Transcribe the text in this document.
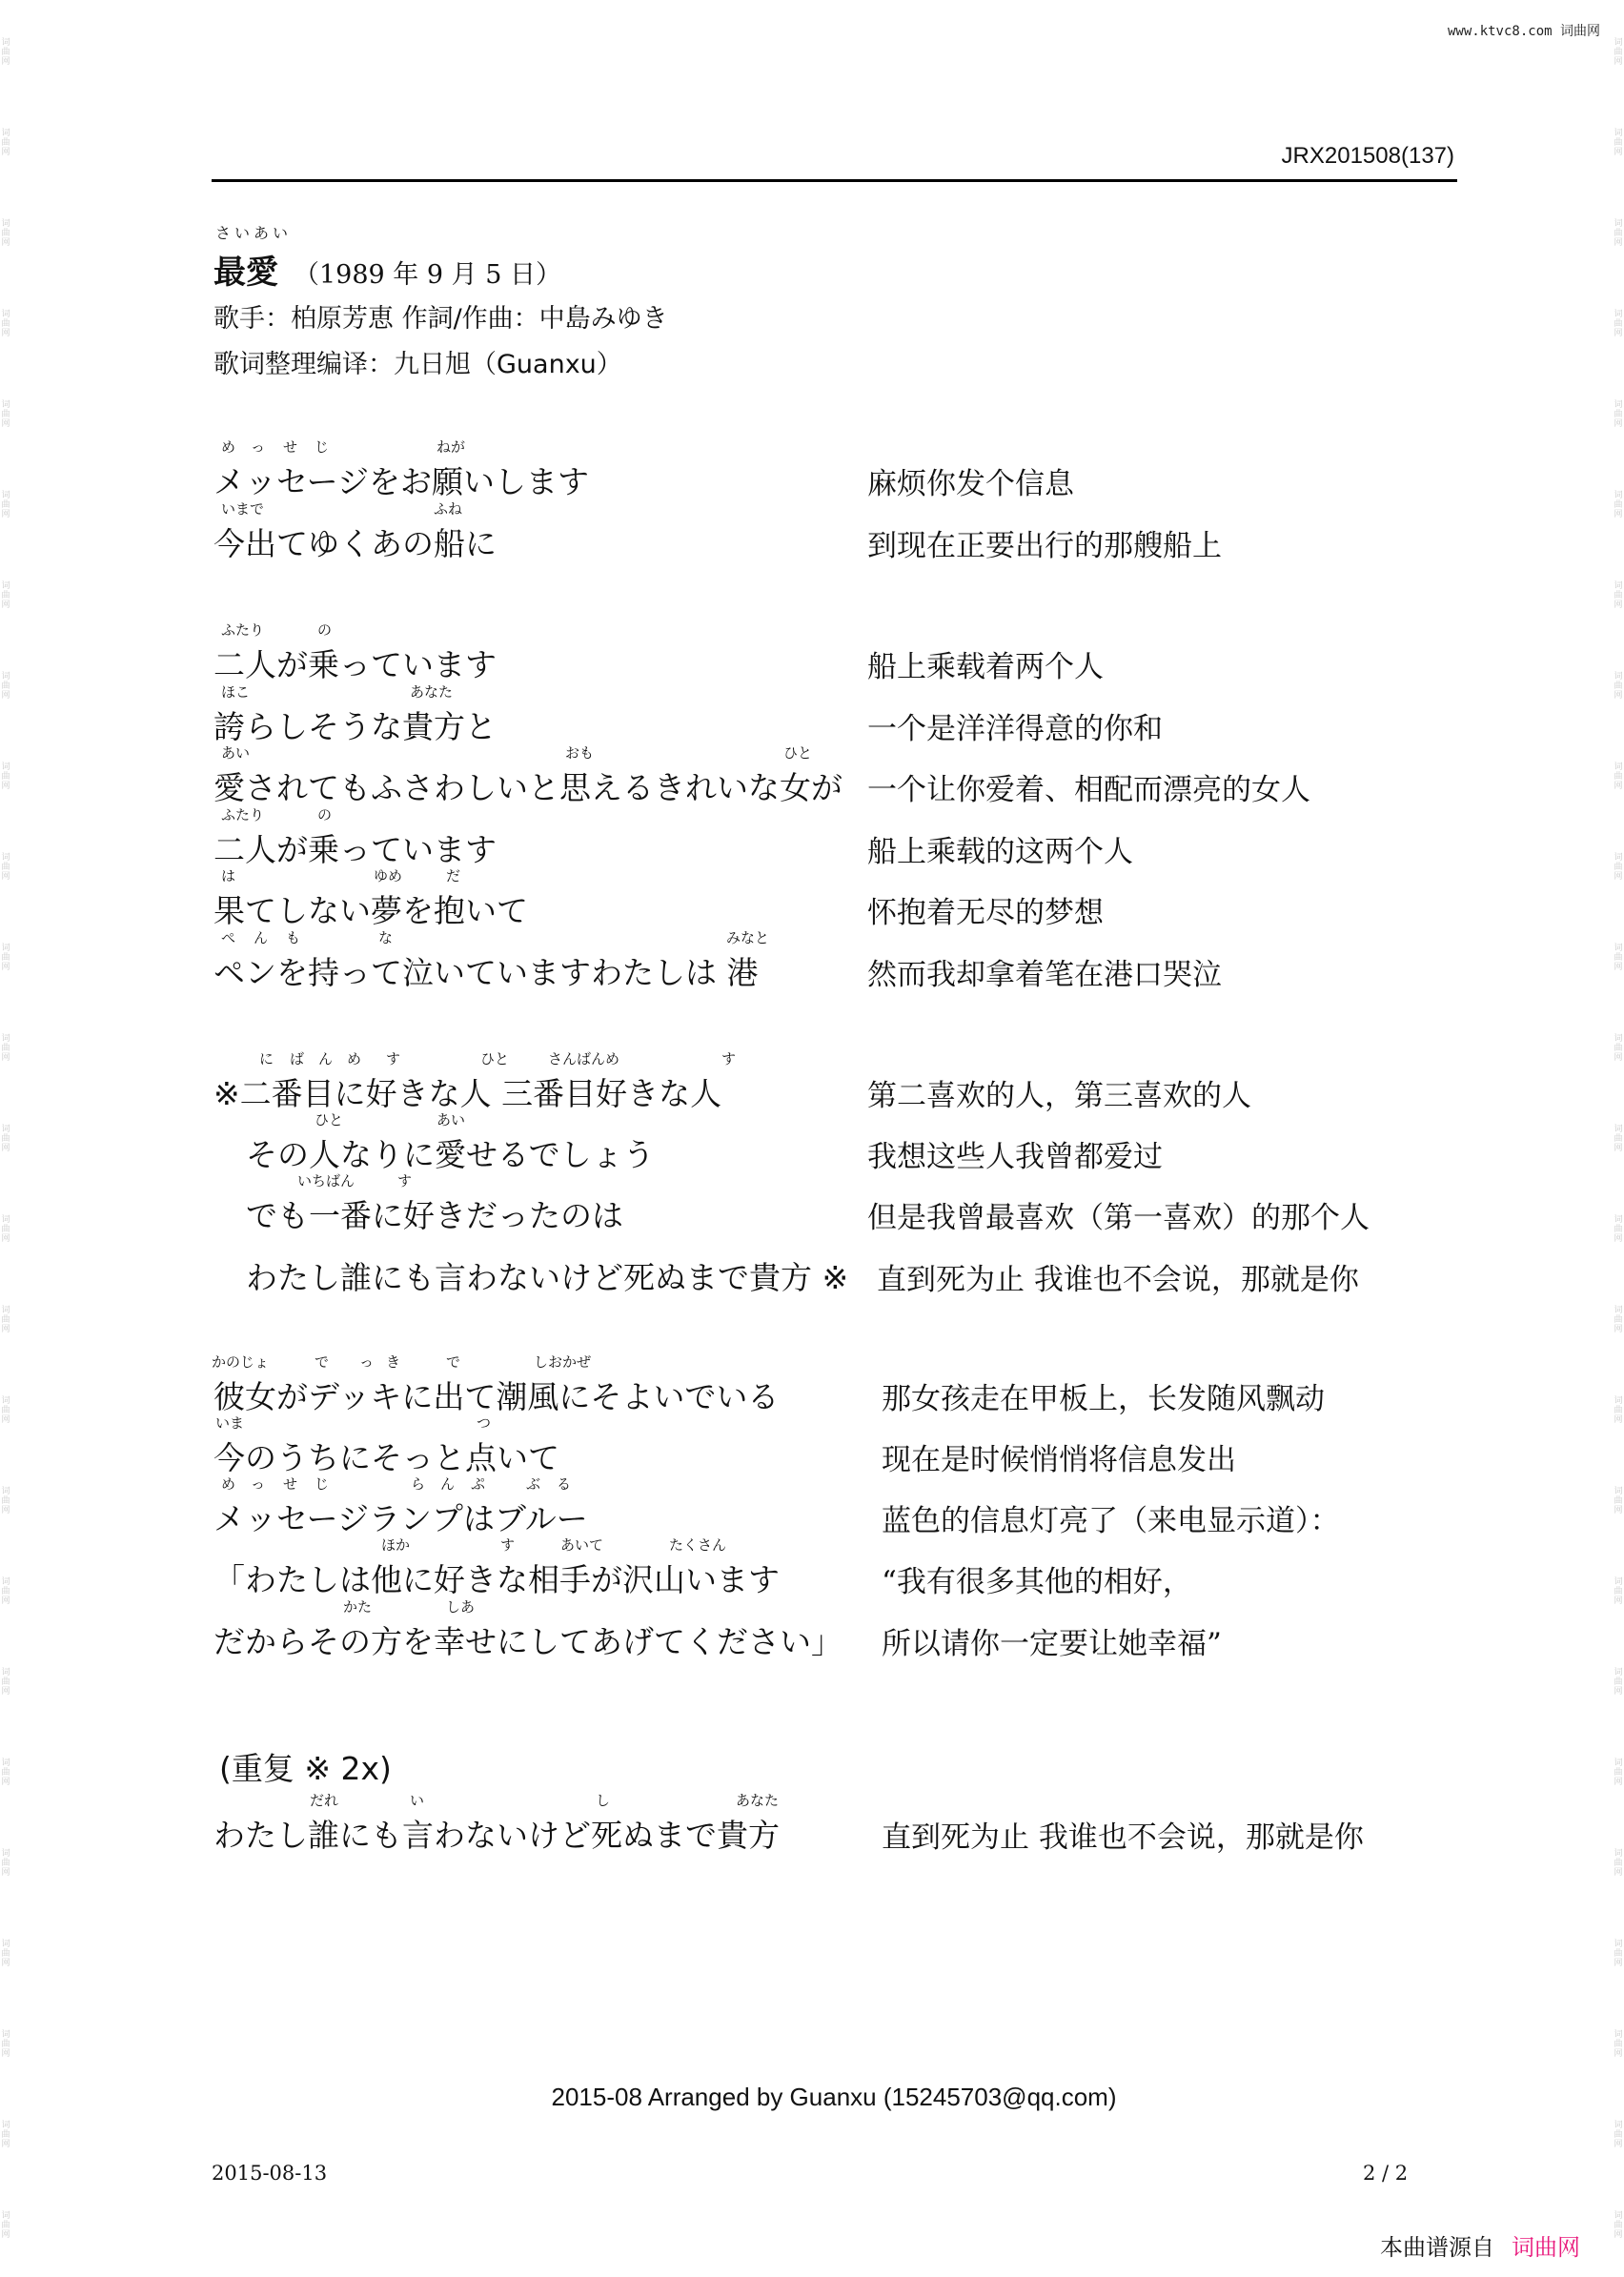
词曲网
词曲网
词曲网
词曲网
词曲网
词曲网
词曲网
词曲网
词曲网
词曲网
词曲网
词曲网
词曲网
词曲网
词曲网
词曲网
词曲网
词曲网
词曲网
词曲网
词曲网
词曲网
词曲网
词曲网
词曲网
词曲网
词曲网
词曲网
词曲网
词曲网
词曲网
词曲网
词曲网
词曲网
词曲网
词曲网
词曲网
词曲网
词曲网
词曲网
词曲网
词曲网
词曲网
词曲网
词曲网
词曲网
词曲网
词曲网
词曲网
词曲网
www.ktvc8.com 词曲网
JRX201508(137)
さいあい
最愛 （1989 年 9 月 5 日）
歌手：柏原芳恵 作詞/作曲：中島みゆき
歌词整理编译：九日旭（Guanxu）
メッセージをお願いします	麻烦你发个信息
め っ せ じ	ねが
今出てゆくあの船に	到现在正要出行的那艘船上
いまで	ふね
二人が乗っています	船上乘载着两个人
ふたり	の
誇らしそうな貴方と	一个是洋洋得意的你和
ほこ	あなた
愛されてもふさわしいと思えるきれいな女が 一个让你爱着、相配而漂亮的女人
あい	おも	ひと
二人が乗っています	船上乘载的这两个人
ふたり	の
果てしない夢を抱いて	怀抱着无尽的梦想
は	ゆめ	だ
ペンを持って泣いていますわたしは 港	然而我却拿着笔在港口哭泣
ぺ ん も	な	みなと
※二番目に好きな人 三番目好きな人	第二喜欢的人，第三喜欢的人
に ば ん め す	ひと	さんばんめ	す
その人なりに愛せるでしょう	我想这些人我曾都爱过
ひと	あい
でも一番に好きだったのは	但是我曾最喜欢（第一喜欢）的那个人
いちばん	す
わたし誰にも言わないけど死ぬまで貴方 ※ 直到死为止 我谁也不会说，那就是你
彼女がデッキに出て潮風にそよいでいる	那女孩走在甲板上，长发随风飘动
かのじょ	で っ き	で	しおかぜ
今のうちにそっと点いて	现在是时候悄悄将信息发出
いま	つ
メッセージランプはブルー	蓝色的信息灯亮了（来电显示道）：
め っ せ じ	ら ん ぷ	ぶ る
「わたしは他に好きな相手が沢山います	“我有很多其他的相好，
ほか	す	あいて	たくさん
だからその方を幸せにしてあげてください」 所以请你一定要让她幸福”
かた	しあ
(重复 ※ 2x)
わたし誰にも言わないけど死ぬまで貴方	直到死为止 我谁也不会说，那就是你
だれ	い	し	あなた
2015-08 Arranged by Guanxu (15245703@qq.com)
2015-08-13	2 / 2
本曲谱源自 词曲网
